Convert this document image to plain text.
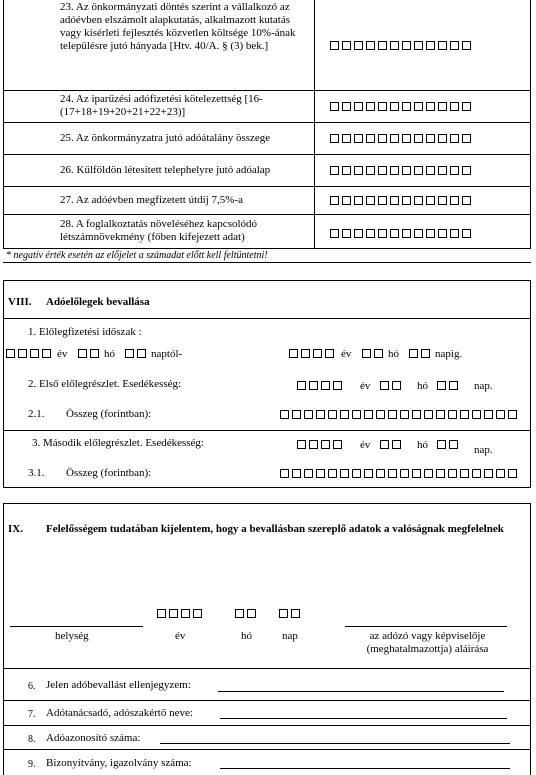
23. Az önkormányzati döntés szerint a vállalkozó az adóévben elszámolt alapkutatás, alkalmazott kutatás vagy kísérleti fejlesztés közvetlen költsége 10%-ának településre jutó hányada [Htv. 40/A. § (3) bek.]
24. Az iparűzési adófizetési kötelezettség [16-(17+18+19+20+21+22+23)]
25. Az önkormányzatra jutó adóátalány összege
26. Külföldön létesített telephelyre jutó adóalap
27. Az adóévben megfizetett útdíj 7,5%-a
28. A foglalkoztatás növeléséhez kapcsolódó létszámnövekmény (főben kifejezett adat)
* negatív érték esetén az előjelet a számadat előtt kell feltüntetni!
VIII. Adóelőlegek bevallása
1. Előlegfizetési időszak :
év	hó	naptól-	év	hó	napig.
2. Első előlegrészlet. Esedékesség:	év	hó	nap.
2.1. Összeg (forintban):
3. Második előlegrészlet. Esedékesség:	év	hó	nap.
3.1. Összeg (forintban):
IX. Felelősségem tudatában kijelentem, hogy a bevallásban szereplő adatok a valóságnak megfelelnek
helység	év	hó	nap	az adózó vagy képviselője (meghatalmazottja) aláírása
6. Jelen adóbevallást ellenjegyzem:
7. Adótanácsadó, adószakértő neve:
8. Adóazonosító száma:
9. Bizonyítvány, igazolvány száma:
